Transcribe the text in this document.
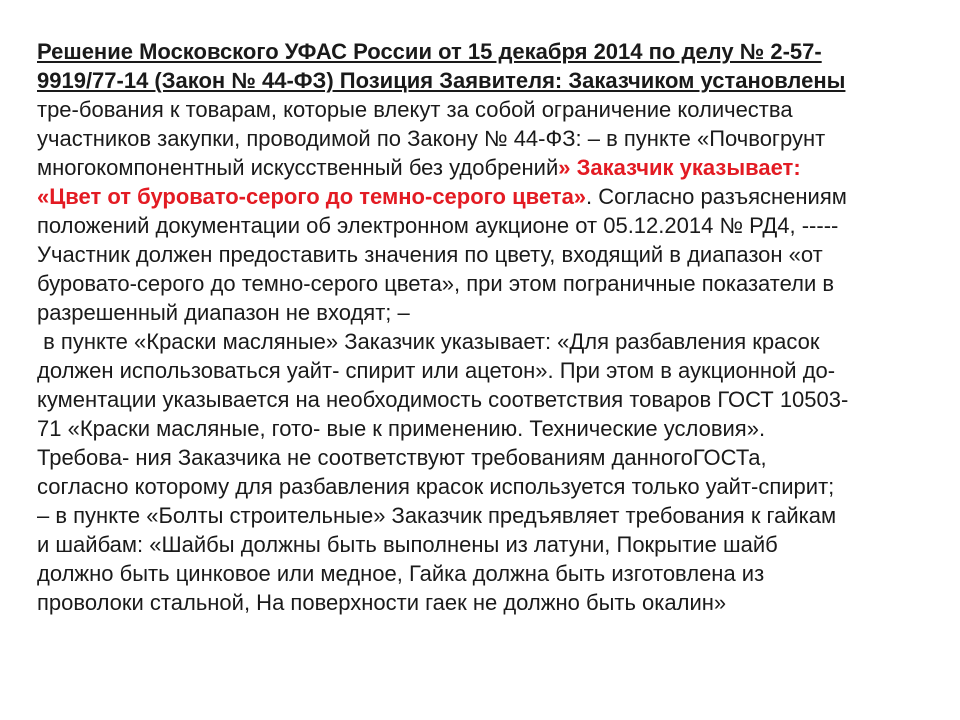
Решение Московского УФАС России от 15 декабря 2014 по делу № 2-57-
9919/77-14 (Закон № 44-ФЗ) Позиция Заявителя: Заказчиком установлены
тре-бования к товарам, которые влекут за собой ограничение количества
участников закупки, проводимой по Закону № 44-ФЗ: – в пункте «Почвогрунт
многокомпонентный искусственный без удобрений» Заказчик указывает:
«Цвет от буровато-серого до темно-серого цвета». Согласно разъяснениям
положений документации об электронном аукционе от 05.12.2014 № РД4, -----
Участник должен предоставить значения по цвету, входящий в диапазон «от
буровато-серого до темно-серого цвета», при этом пограничные показатели в
разрешенный диапазон не входят; –
в пункте «Краски масляные» Заказчик указывает: «Для разбавления красок
должен использоваться уайт- спирит или ацетон». При этом в аукционной до-
кументации указывается на необходимость соответствия товаров ГОСТ 10503-
71 «Краски масляные, гото- вые к применению. Технические условия».
Требова- ния Заказчика не соответствуют требованиям данногоГОСТа,
согласно которому для разбавления красок используется только уайт-спирит;
– в пункте «Болты строительные» Заказчик предъявляет требования к гайкам
и шайбам: «Шайбы должны быть выполнены из латуни, Покрытие шайб
должно быть цинковое или медное, Гайка должна быть изготовлена из
проволоки стальной, На поверхности гаек не должно быть окалин»
